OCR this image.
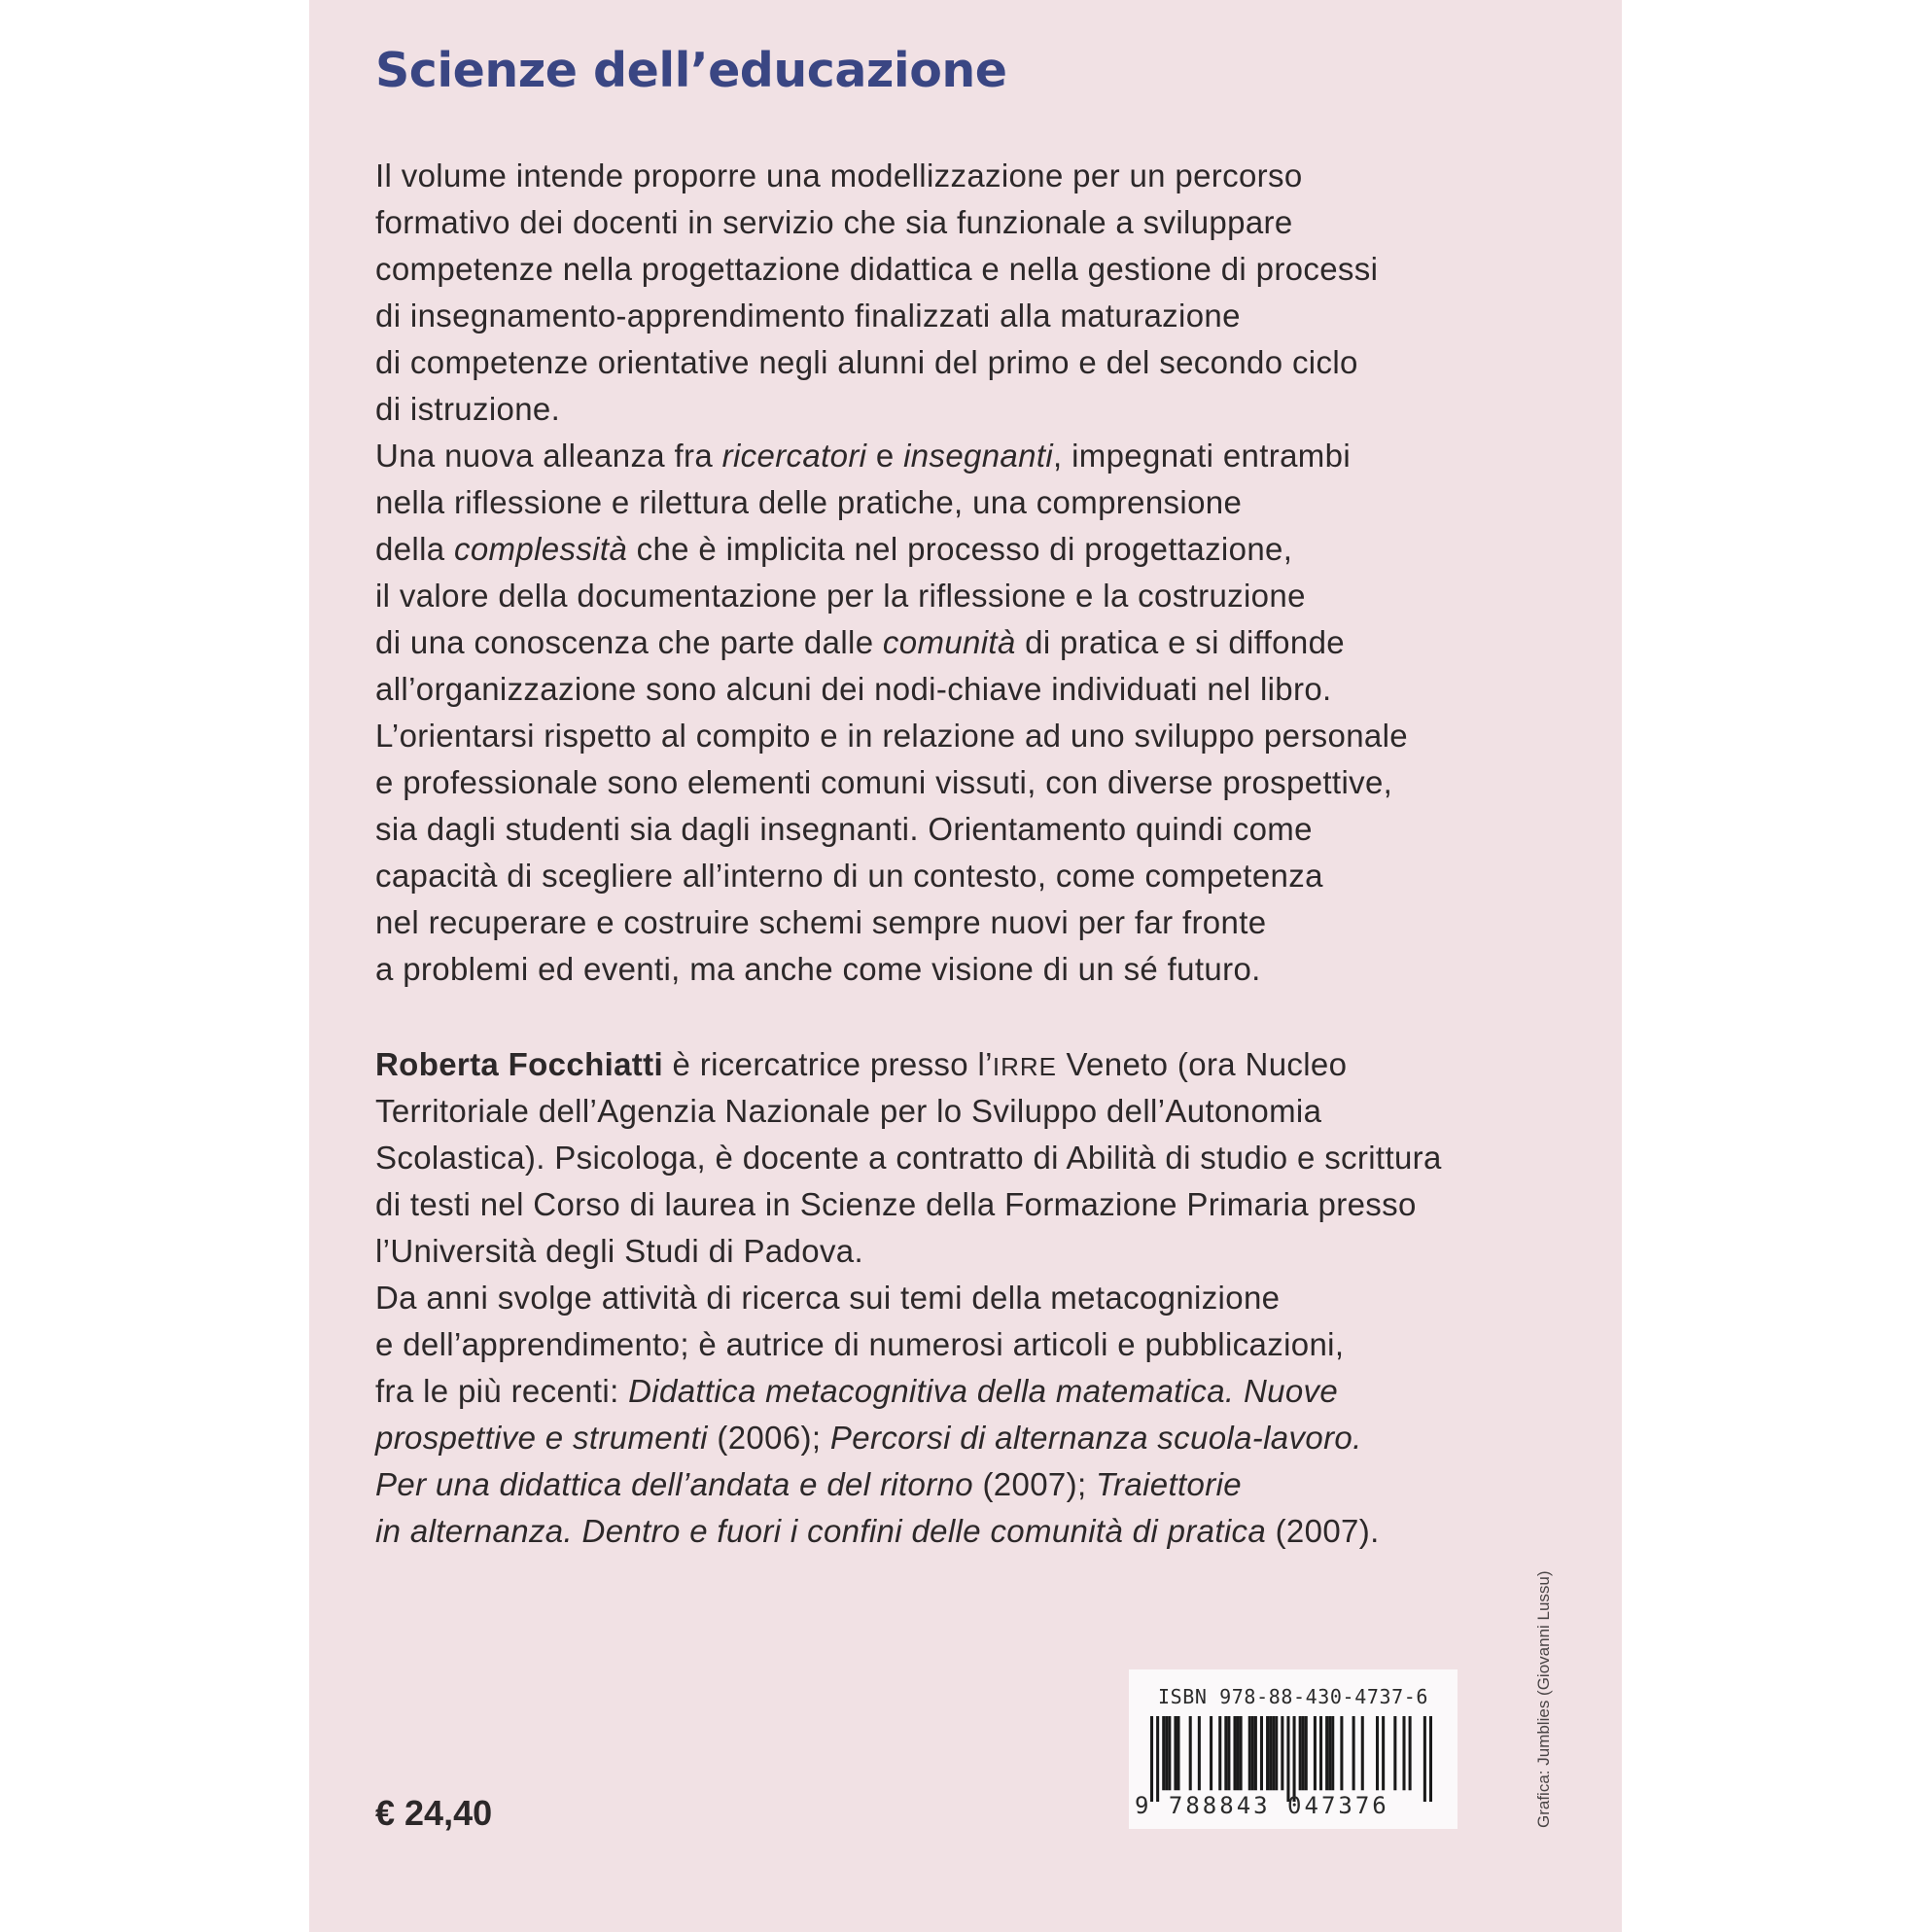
Scienze dell’educazione
Il volume intende proporre una modellizzazione per un percorso
formativo dei docenti in servizio che sia funzionale a sviluppare
competenze nella progettazione didattica e nella gestione di processi
di insegnamento-apprendimento finalizzati alla maturazione
di competenze orientative negli alunni del primo e del secondo ciclo
di istruzione.
Una nuova alleanza fra ricercatori e insegnanti, impegnati entrambi
nella riflessione e rilettura delle pratiche, una comprensione
della complessità che è implicita nel processo di progettazione,
il valore della documentazione per la riflessione e la costruzione
di una conoscenza che parte dalle comunità di pratica e si diffonde
all’organizzazione sono alcuni dei nodi-chiave individuati nel libro.
L’orientarsi rispetto al compito e in relazione ad uno sviluppo personale
e professionale sono elementi comuni vissuti, con diverse prospettive,
sia dagli studenti sia dagli insegnanti. Orientamento quindi come
capacità di scegliere all’interno di un contesto, come competenza
nel recuperare e costruire schemi sempre nuovi per far fronte
a problemi ed eventi, ma anche come visione di un sé futuro.
Roberta Focchiatti è ricercatrice presso l’IRRE Veneto (ora Nucleo
Territoriale dell’Agenzia Nazionale per lo Sviluppo dell’Autonomia
Scolastica). Psicologa, è docente a contratto di Abilità di studio e scrittura
di testi nel Corso di laurea in Scienze della Formazione Primaria presso
l’Università degli Studi di Padova.
Da anni svolge attività di ricerca sui temi della metacognizione
e dell’apprendimento; è autrice di numerosi articoli e pubblicazioni,
fra le più recenti: Didattica metacognitiva della matematica. Nuove
prospettive e strumenti (2006); Percorsi di alternanza scuola-lavoro.
Per una didattica dell’andata e del ritorno (2007); Traiettorie
in alternanza. Dentro e fuori i confini delle comunità di pratica (2007).
€ 24,40
ISBN 978-88-430-4737-6
9 788843 047376	Grafica: Jumblies (Giovanni Lussu)
